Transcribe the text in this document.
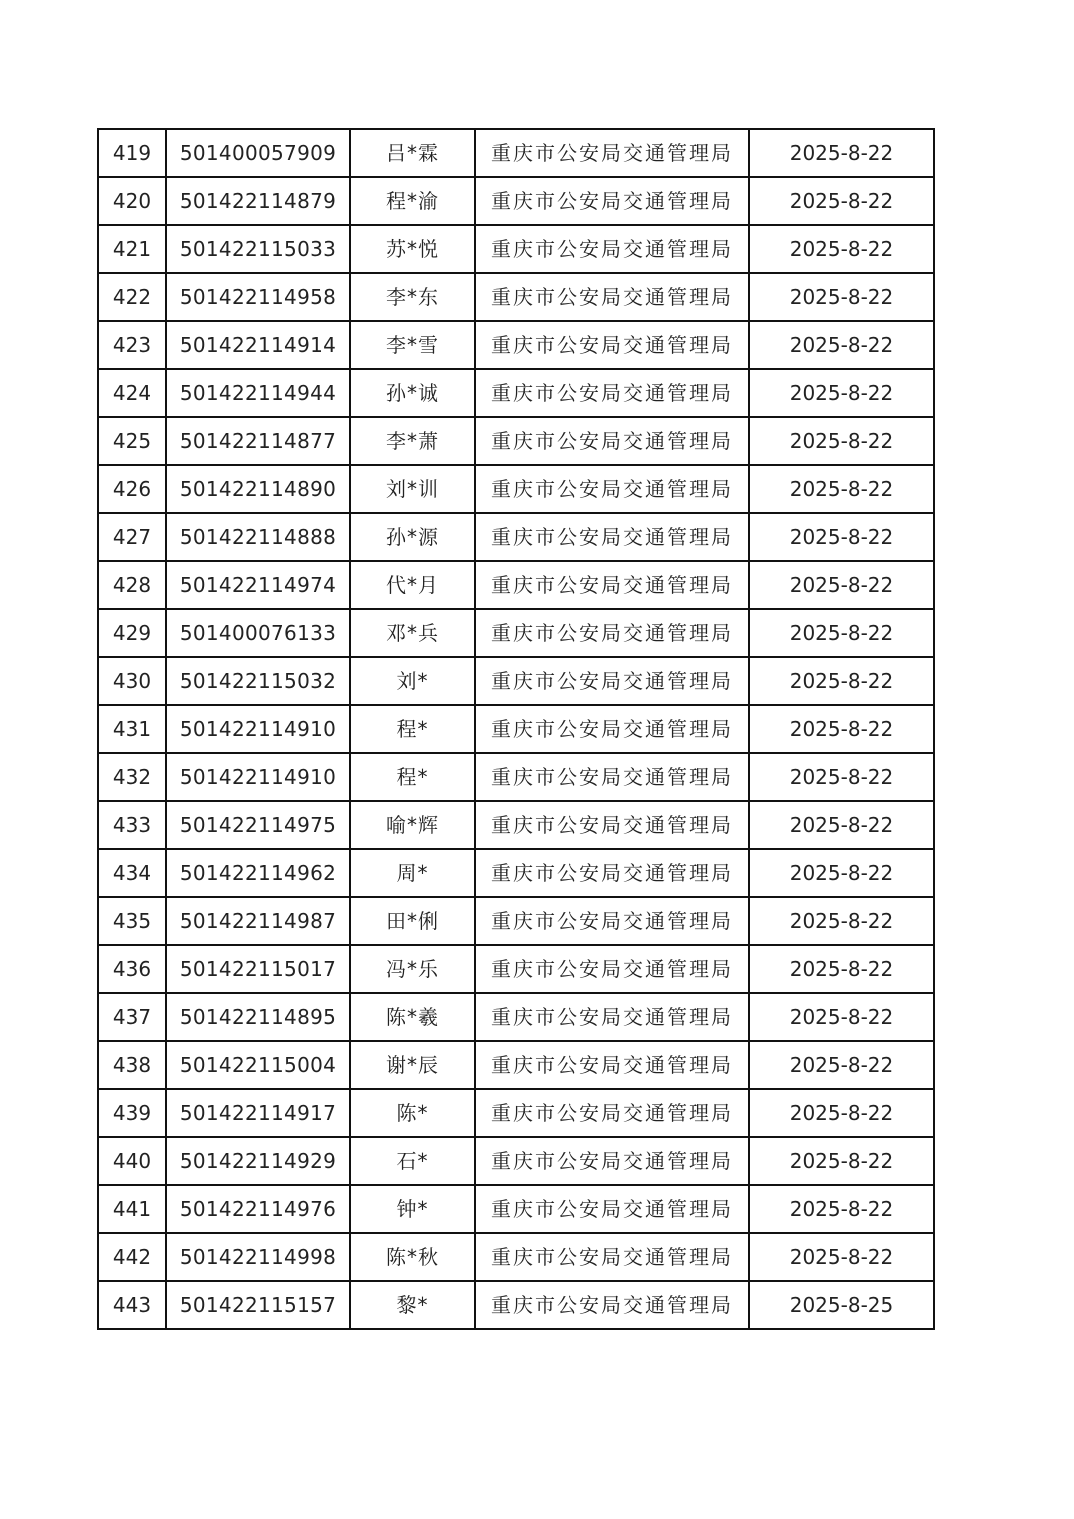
419	501400057909	吕*霖	重庆市公安局交通管理局	2025-8-22
420	501422114879	程*渝	重庆市公安局交通管理局	2025-8-22
421	501422115033	苏*悦	重庆市公安局交通管理局	2025-8-22
422	501422114958	李*东	重庆市公安局交通管理局	2025-8-22
423	501422114914	李*雪	重庆市公安局交通管理局	2025-8-22
424	501422114944	孙*诚	重庆市公安局交通管理局	2025-8-22
425	501422114877	李*萧	重庆市公安局交通管理局	2025-8-22
426	501422114890	刘*训	重庆市公安局交通管理局	2025-8-22
427	501422114888	孙*源	重庆市公安局交通管理局	2025-8-22
428	501422114974	代*月	重庆市公安局交通管理局	2025-8-22
429	501400076133	邓*兵	重庆市公安局交通管理局	2025-8-22
430	501422115032	刘*	重庆市公安局交通管理局	2025-8-22
431	501422114910	程*	重庆市公安局交通管理局	2025-8-22
432	501422114910	程*	重庆市公安局交通管理局	2025-8-22
433	501422114975	喻*辉	重庆市公安局交通管理局	2025-8-22
434	501422114962	周*	重庆市公安局交通管理局	2025-8-22
435	501422114987	田*俐	重庆市公安局交通管理局	2025-8-22
436	501422115017	冯*乐	重庆市公安局交通管理局	2025-8-22
437	501422114895	陈*羲	重庆市公安局交通管理局	2025-8-22
438	501422115004	谢*辰	重庆市公安局交通管理局	2025-8-22
439	501422114917	陈*	重庆市公安局交通管理局	2025-8-22
440	501422114929	石*	重庆市公安局交通管理局	2025-8-22
441	501422114976	钟*	重庆市公安局交通管理局	2025-8-22
442	501422114998	陈*秋	重庆市公安局交通管理局	2025-8-22
443	501422115157	黎*	重庆市公安局交通管理局	2025-8-25
